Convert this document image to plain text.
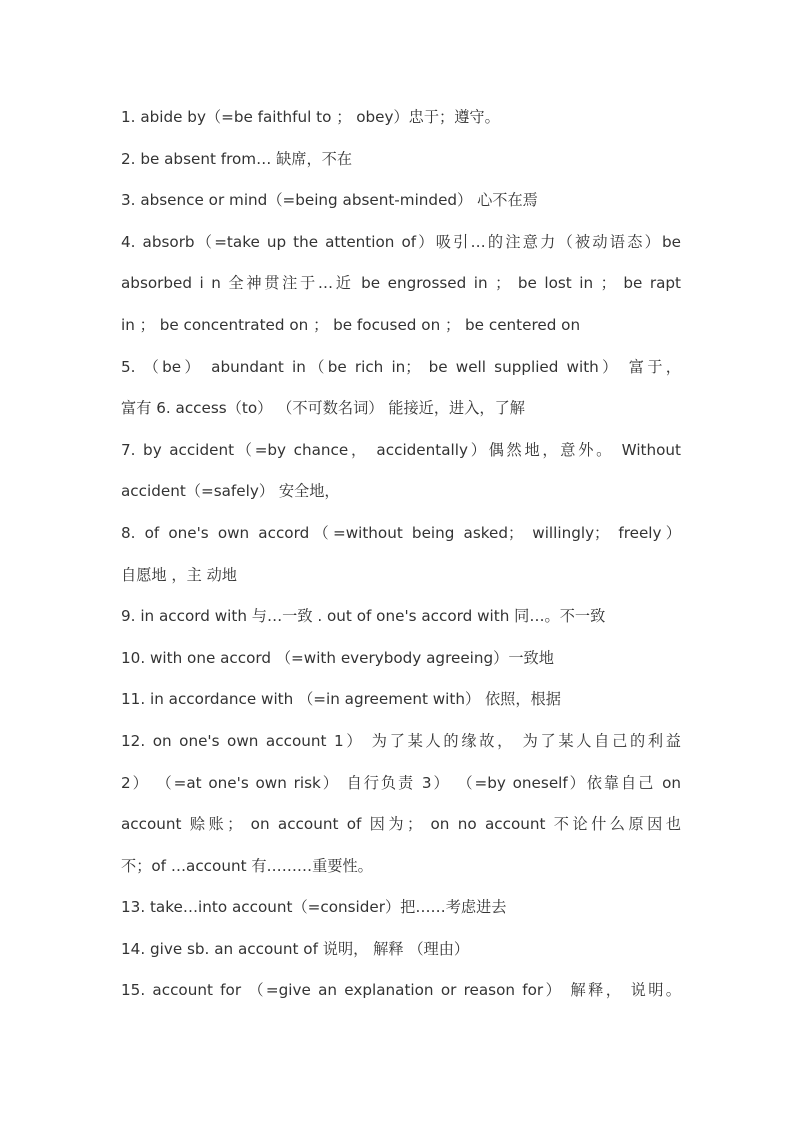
1. abide by（=be faithful to ； obey）忠于；遵守。
2. be absent from… 缺席，不在
3. absence or mind（=being absent-minded） 心不在焉
4. absorb（=take up the attention of）吸引…的注意力（被动语态）be
absorbed i n 全神贯注于…近 be engrossed in ； be lost in ； be rapt
in ； be concentrated on ； be focused on ； be centered on
5. （be） abundant in（be rich in； be well supplied with） 富于，
富有 6. access（to） （不可数名词） 能接近，进入，了解
7. by accident（=by chance， accidentally）偶然地，意外。 Without
accident（=safely） 安全地，
8. of one's own accord（=without being asked； willingly； freely）
自愿地 ，主 动地
9. in accord with 与…一致 . out of one's accord with 同…。不一致
10. with one accord （=with everybody agreeing）一致地
11. in accordance with （=in agreement with） 依照，根据
12. on one's own account 1） 为了某人的缘故， 为了某人自己的利益
2） （=at one's own risk） 自行负责 3） （=by oneself）依靠自己 on
account 赊账； on account of 因为； on no account 不论什么原因也
不；of …account 有………重要性。
13. take…into account（=consider）把……考虑进去
14. give sb. an account of 说明， 解释 （理由）
15. account for （=give an explanation or reason for） 解释， 说明。
